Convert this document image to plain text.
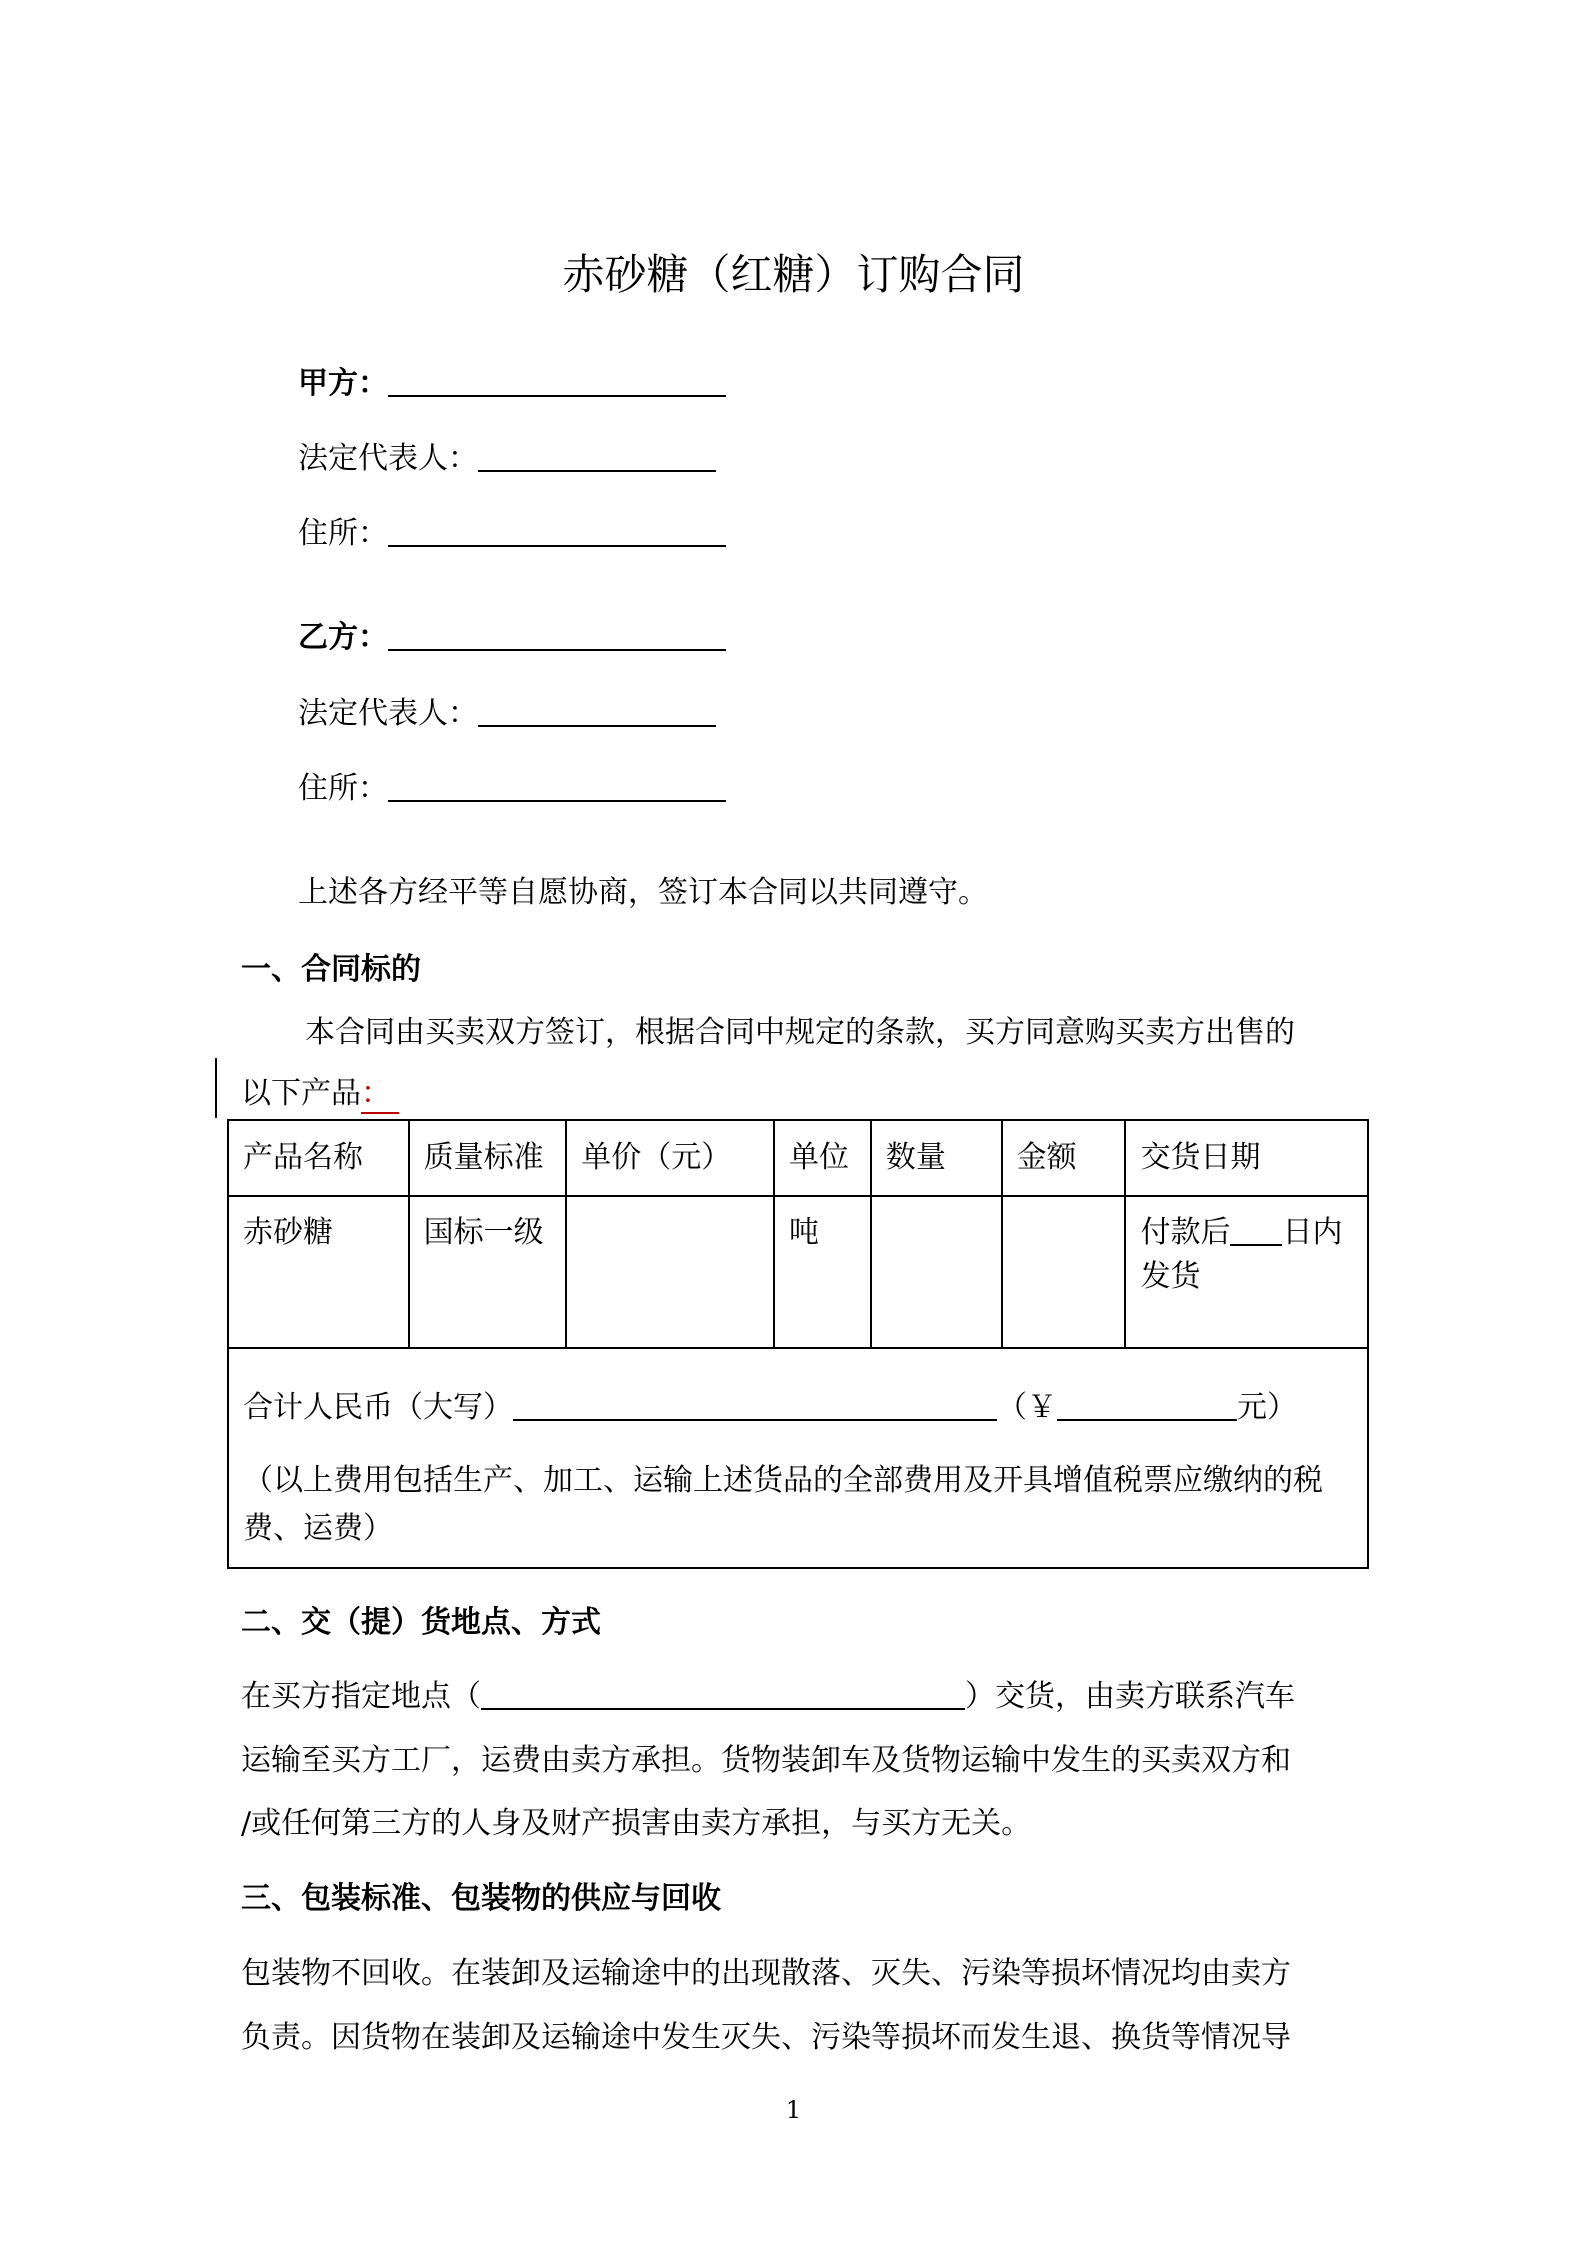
赤砂糖（红糖）订购合同
甲方：
法定代表人：
住所：
乙方：
法定代表人：
住所：
上述各方经平等自愿协商，签订本合同以共同遵守。
一、合同标的
本合同由买卖双方签订，根据合同中规定的条款，买方同意购买卖方出售的
以下产品：
产品名称	质量标准	单价（元）	单位	数量	金额	交货日期
赤砂糖	国标一级		吨			付款后 日内发货

合计人民币（大写） （￥ 元）
（以上费用包括生产、加工、运输上述货品的全部费用及开具增值税票应缴纳的税费、运费）						
二、交（提）货地点、方式
在买方指定地点（	）交货，由卖方联系汽车
运输至买方工厂，运费由卖方承担。货物装卸车及货物运输中发生的买卖双方和
/或任何第三方的人身及财产损害由卖方承担，与买方无关。
三、包装标准、包装物的供应与回收
包装物不回收。在装卸及运输途中的出现散落、灭失、污染等损坏情况均由卖方
负责。因货物在装卸及运输途中发生灭失、污染等损坏而发生退、换货等情况导
1
